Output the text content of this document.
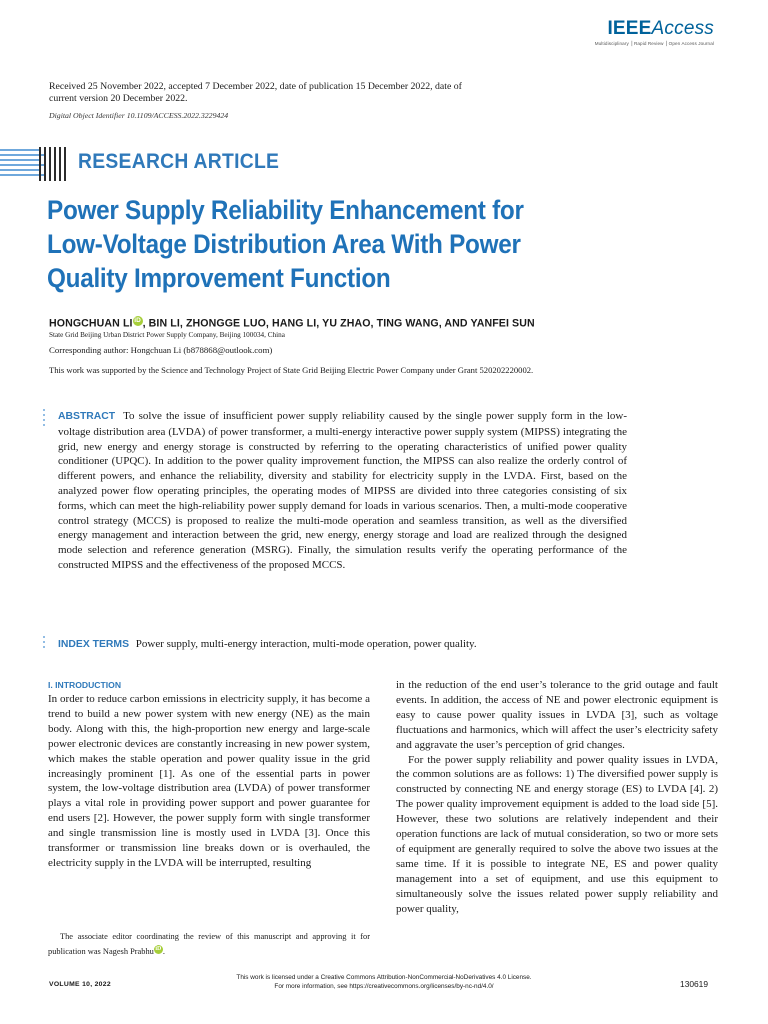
IEEEAccess
Multidisciplinary ⎟ Rapid Review ⎟ Open Access Journal
Received 25 November 2022, accepted 7 December 2022, date of publication 15 December 2022, date of current version 20 December 2022.
Digital Object Identifier 10.1109/ACCESS.2022.3229424
RESEARCH ARTICLE
Power Supply Reliability Enhancement for Low-Voltage Distribution Area With Power Quality Improvement Function
HONGCHUAN LI iD , BIN LI, ZHONGGE LUO, HANG LI, YU ZHAO, TING WANG, AND YANFEI SUN
State Grid Beijing Urban District Power Supply Company, Beijing 100034, China
Corresponding author: Hongchuan Li (b878868@outlook.com)
This work was supported by the Science and Technology Project of State Grid Beijing Electric Power Company under Grant 520202220002.
ABSTRACT To solve the issue of insufficient power supply reliability caused by the single power supply form in the low-voltage distribution area (LVDA) of power transformer, a multi-energy interactive power supply system (MIPSS) integrating the grid, new energy and energy storage is constructed by referring to the operating characteristics of unified power quality conditioner (UPQC). In addition to the power quality improvement function, the MIPSS can also realize the orderly control of different powers, and enhance the reliability, diversity and stability for electricity supply in the LVDA. First, based on the analyzed power flow operating principles, the operating modes of MIPSS are divided into three categories consisting of six forms, which can meet the high-reliability power supply demand for loads in various scenarios. Then, a multi-mode cooperative control strategy (MCCS) is proposed to realize the multi-mode operation and seamless transition, as well as the diversified energy management and interaction between the grid, new energy, energy storage and load are realized through the designed mode selection and reference generation (MSRG). Finally, the simulation results verify the operating performance of the constructed MIPSS and the effectiveness of the proposed MCCS.
INDEX TERMS Power supply, multi-energy interaction, multi-mode operation, power quality.
I. INTRODUCTION

In order to reduce carbon emissions in electricity supply, it has become a trend to build a new power system with new energy (NE) as the main body. Along with this, the high-proportion new energy and large-scale power electronic devices are constantly increasing in new power system, which makes the stable operation and power quality issue in the grid increasingly prominent [1]. As one of the essential parts in power system, the low-voltage distribution area (LVDA) of power transformer plays a vital role in providing power support and power guarantee for end users [2]. However, the power supply form with single transformer and single transmission line is mostly used in LVDA [3]. Once this transformer or transmission line breaks down or is overhauled, the electricity supply in the LVDA will be interrupted, resulting

in the reduction of the end user’s tolerance to the grid outage and fault events. In addition, the access of NE and power electronic equipment is easy to cause power quality issues in LVDA [3], such as voltage fluctuations and harmonics, which will affect the user’s electricity safety and aggravate the user’s perception of grid changes.

For the power supply reliability and power quality issues in LVDA, the common solutions are as follows: 1) The diversified power supply is constructed by connecting NE and energy storage (ES) to LVDA [4]. 2) The power quality improvement equipment is added to the load side [5]. However, these two solutions are relatively independent and their operation functions are lack of mutual consideration, so two or more sets of equipment are generally required to solve the above two issues at the same time. If it is possible to integrate NE, ES and power quality management into a set of equipment, and use this equipment to simultaneously solve the issues related power supply reliability and power quality,

The associate editor coordinating the review of this manuscript and approving it for publication was Nagesh Prabhu iD .
This work is licensed under a Creative Commons Attribution-NonCommercial-NoDerivatives 4.0 License.
For more information, see https://creativecommons.org/licenses/by-nc-nd/4.0/
VOLUME 10, 2022	130619
